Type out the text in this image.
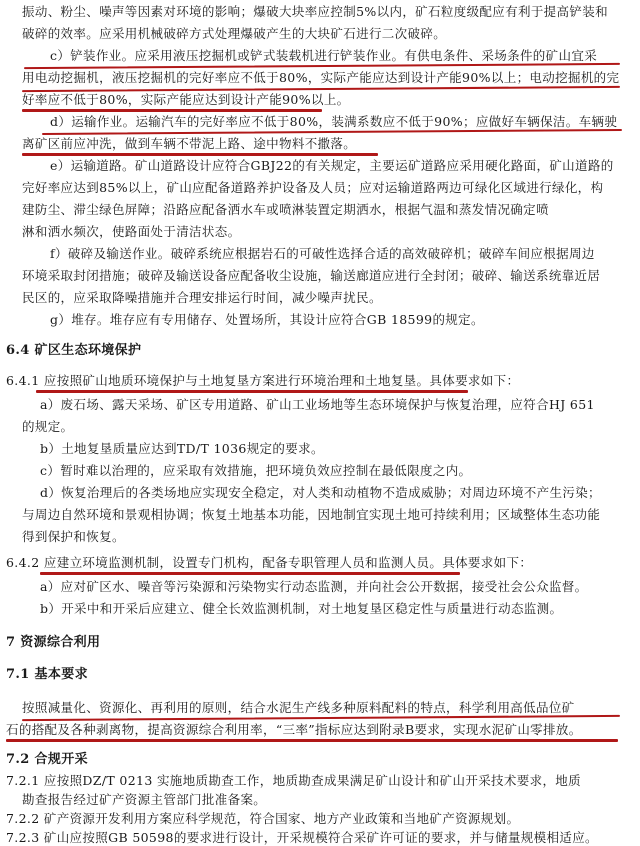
振动、粉尘、噪声等因素对环境的影响；爆破大块率应控制5%以内，矿石粒度级配应有利于提高铲装和
破碎的效率。应采用机械破碎方式处理爆破产生的大块矿石进行二次破碎。
c）铲装作业。应采用液压挖掘机或铲式装载机进行铲装作业。有供电条件、采场条件的矿山宜采
用电动挖掘机，液压挖掘机的完好率应不低于80%，实际产能应达到设计产能90%以上；电动挖掘机的完
好率应不低于80%，实际产能应达到设计产能90%以上。
d）运输作业。运输汽车的完好率应不低于80%，装满系数应不低于90%；应做好车辆保洁。车辆驶
离矿区前应冲洗，做到车辆不带泥上路、途中物料不撒落。
e）运输道路。矿山道路设计应符合GBJ22的有关规定，主要运矿道路应采用硬化路面，矿山道路的
完好率应达到85%以上，矿山应配备道路养护设备及人员；应对运输道路两边可绿化区域进行绿化，构
建防尘、滞尘绿色屏障；沿路应配备洒水车或喷淋装置定期洒水，根据气温和蒸发情况确定喷
淋和洒水频次，使路面处于清洁状态。
f）破碎及输送作业。破碎系统应根据岩石的可破性选择合适的高效破碎机；破碎车间应根据周边
环境采取封闭措施；破碎及输送设备应配备收尘设施，输送廊道应进行全封闭；破碎、输送系统靠近居
民区的，应采取降噪措施并合理安排运行时间，减少噪声扰民。
g）堆存。堆存应有专用储存、处置场所，其设计应符合GB 18599的规定。
6.4 矿区生态环境保护
6.4.1 应按照矿山地质环境保护与土地复垦方案进行环境治理和土地复垦。具体要求如下：
a）废石场、露天采场、矿区专用道路、矿山工业场地等生态环境保护与恢复治理，应符合HJ 651
的规定。
b）土地复垦质量应达到TD/T 1036规定的要求。
c）暂时难以治理的，应采取有效措施，把环境负效应控制在最低限度之内。
d）恢复治理后的各类场地应实现安全稳定，对人类和动植物不造成威胁；对周边环境不产生污染；
与周边自然环境和景观相协调；恢复土地基本功能，因地制宜实现土地可持续利用；区域整体生态功能
得到保护和恢复。
6.4.2 应建立环境监测机制，设置专门机构，配备专职管理人员和监测人员。具体要求如下：
a）应对矿区水、噪音等污染源和污染物实行动态监测，并向社会公开数据，接受社会公众监督。
b）开采中和开采后应建立、健全长效监测机制，对土地复垦区稳定性与质量进行动态监测。
7 资源综合利用
7.1 基本要求
按照减量化、资源化、再利用的原则，结合水泥生产线多种原料配料的特点，科学利用高低品位矿
石的搭配及各种剥离物，提高资源综合利用率，“三率”指标应达到附录B要求，实现水泥矿山零排放。
7.2 合规开采
7.2.1 应按照DZ/T 0213 实施地质勘查工作，地质勘查成果满足矿山设计和矿山开采技术要求，地质
勘查报告经过矿产资源主管部门批准备案。
7.2.2 矿产资源开发利用方案应科学规范，符合国家、地方产业政策和当地矿产资源规划。
7.2.3 矿山应按照GB 50598的要求进行设计，开采规模符合采矿许可证的要求，并与储量规模相适应。
